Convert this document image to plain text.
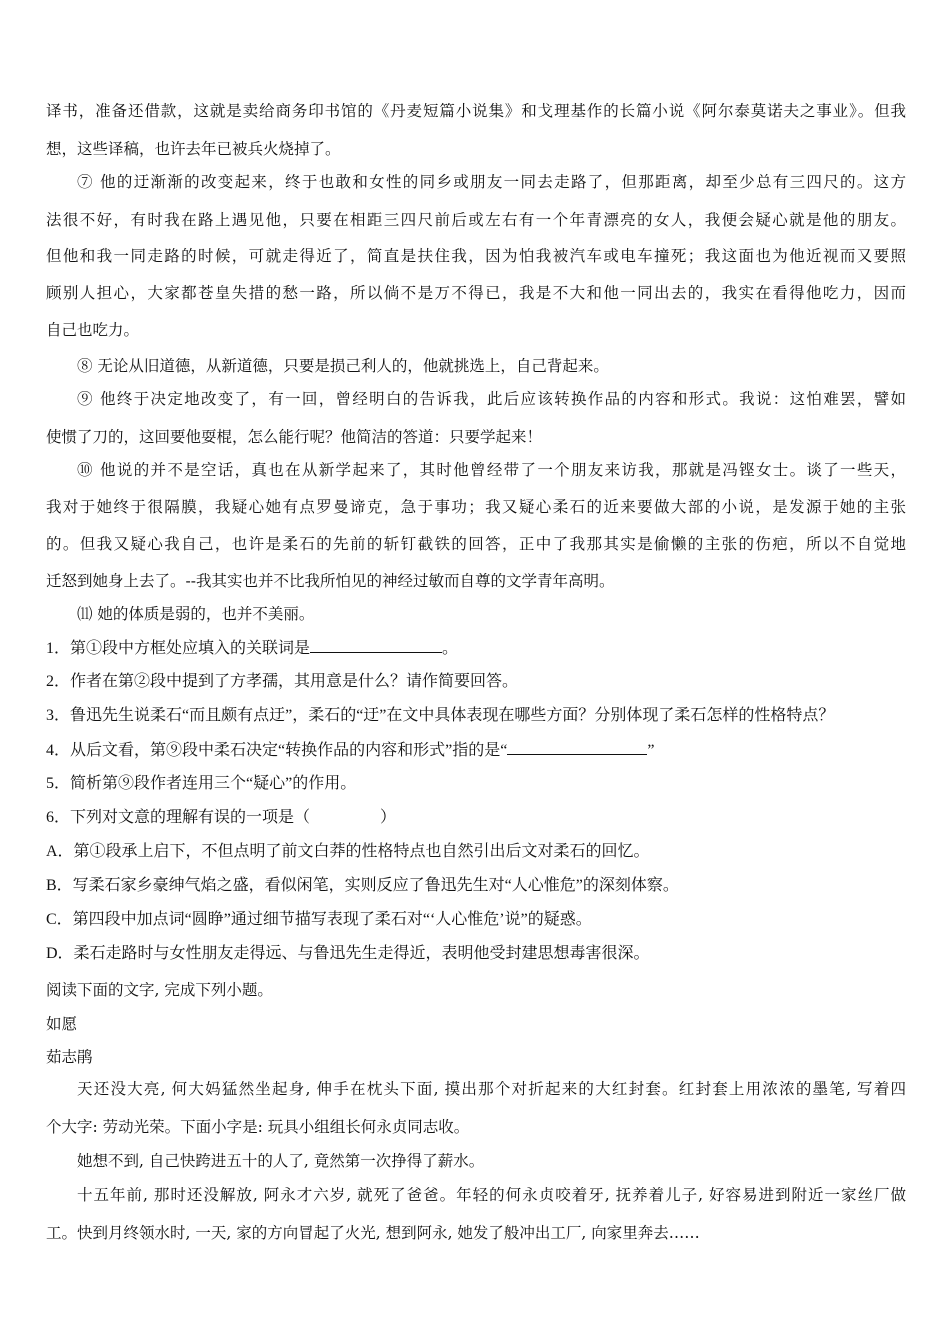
译书，准备还借款，这就是卖给商务印书馆的《丹麦短篇小说集》和戈理基作的长篇小说《阿尔泰莫诺夫之事业》。但我
想，这些译稿，也许去年已被兵火烧掉了。
⑦ 他的迂渐渐的改变起来，终于也敢和女性的同乡或朋友一同去走路了，但那距离，却至少总有三四尺的。这方
法很不好，有时我在路上遇见他，只要在相距三四尺前后或左右有一个年青漂亮的女人，我便会疑心就是他的朋友。
但他和我一同走路的时候，可就走得近了，简直是扶住我，因为怕我被汽车或电车撞死；我这面也为他近视而又要照
顾别人担心，大家都苍皇失措的愁一路，所以倘不是万不得已，我是不大和他一同出去的，我实在看得他吃力，因而
自己也吃力。
⑧ 无论从旧道德，从新道德，只要是损己利人的，他就挑选上，自己背起来。
⑨ 他终于决定地改变了，有一回，曾经明白的告诉我，此后应该转换作品的内容和形式。我说：这怕难罢，譬如
使惯了刀的，这回要他耍棍，怎么能行呢？他简洁的答道：只要学起来！
⑩ 他说的并不是空话，真也在从新学起来了，其时他曾经带了一个朋友来访我，那就是冯铿女士。谈了一些天，
我对于她终于很隔膜，我疑心她有点罗曼谛克，急于事功；我又疑心柔石的近来要做大部的小说，是发源于她的主张
的。但我又疑心我自己，也许是柔石的先前的斩钉截铁的回答，正中了我那其实是偷懒的主张的伤疤，所以不自觉地
迁怒到她身上去了。--我其实也并不比我所怕见的神经过敏而自尊的文学青年高明。
⑾ 她的体质是弱的，也并不美丽。
1．第①段中方框处应填入的关联词是	。
2．作者在第②段中提到了方孝孺，其用意是什么？请作简要回答。
3．鲁迅先生说柔石“而且颇有点迂”，柔石的“迂”在文中具体表现在哪些方面？分别体现了柔石怎样的性格特点？
4．从后文看，第⑨段中柔石决定“转换作品的内容和形式”指的是“	”
5．简析第⑨段作者连用三个“疑心”的作用。
6．下列对文意的理解有误的一项是（	）
A．第①段承上启下，不但点明了前文白莽的性格特点也自然引出后文对柔石的回忆。
B．写柔石家乡豪绅气焰之盛，看似闲笔，实则反应了鲁迅先生对“人心惟危”的深刻体察。
C．第四段中加点词“圆睁”通过细节描写表现了柔石对“‘人心惟危’说”的疑惑。
D．柔石走路时与女性朋友走得远、与鲁迅先生走得近，表明他受封建思想毒害很深。
阅读下面的文字, 完成下列小题。
如愿
茹志鹃
天还没大亮, 何大妈猛然坐起身, 伸手在枕头下面, 摸出那个对折起来的大红封套。红封套上用浓浓的墨笔, 写着四
个大字: 劳动光荣。下面小字是: 玩具小组组长何永贞同志收。
她想不到, 自己快跨进五十的人了, 竟然第一次挣得了薪水。
十五年前, 那时还没解放, 阿永才六岁, 就死了爸爸。年轻的何永贞咬着牙, 抚养着儿子, 好容易进到附近一家丝厂做
工。快到月终领水时, 一天, 家的方向冒起了火光, 想到阿永, 她发了般冲出工厂, 向家里奔去……
